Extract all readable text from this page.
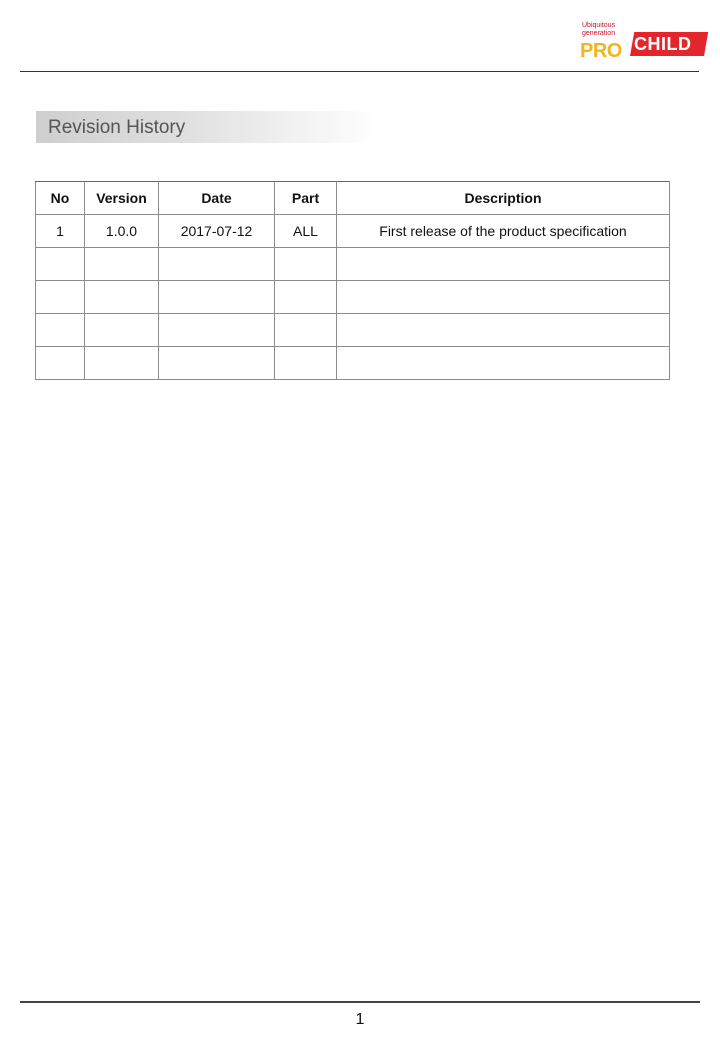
Ubiquitous
generation
PRO CHILD
Revision History
No	Version	Date	Part	Description
1	1.0.0	2017-07-12	ALL	First release of the product specification

1
